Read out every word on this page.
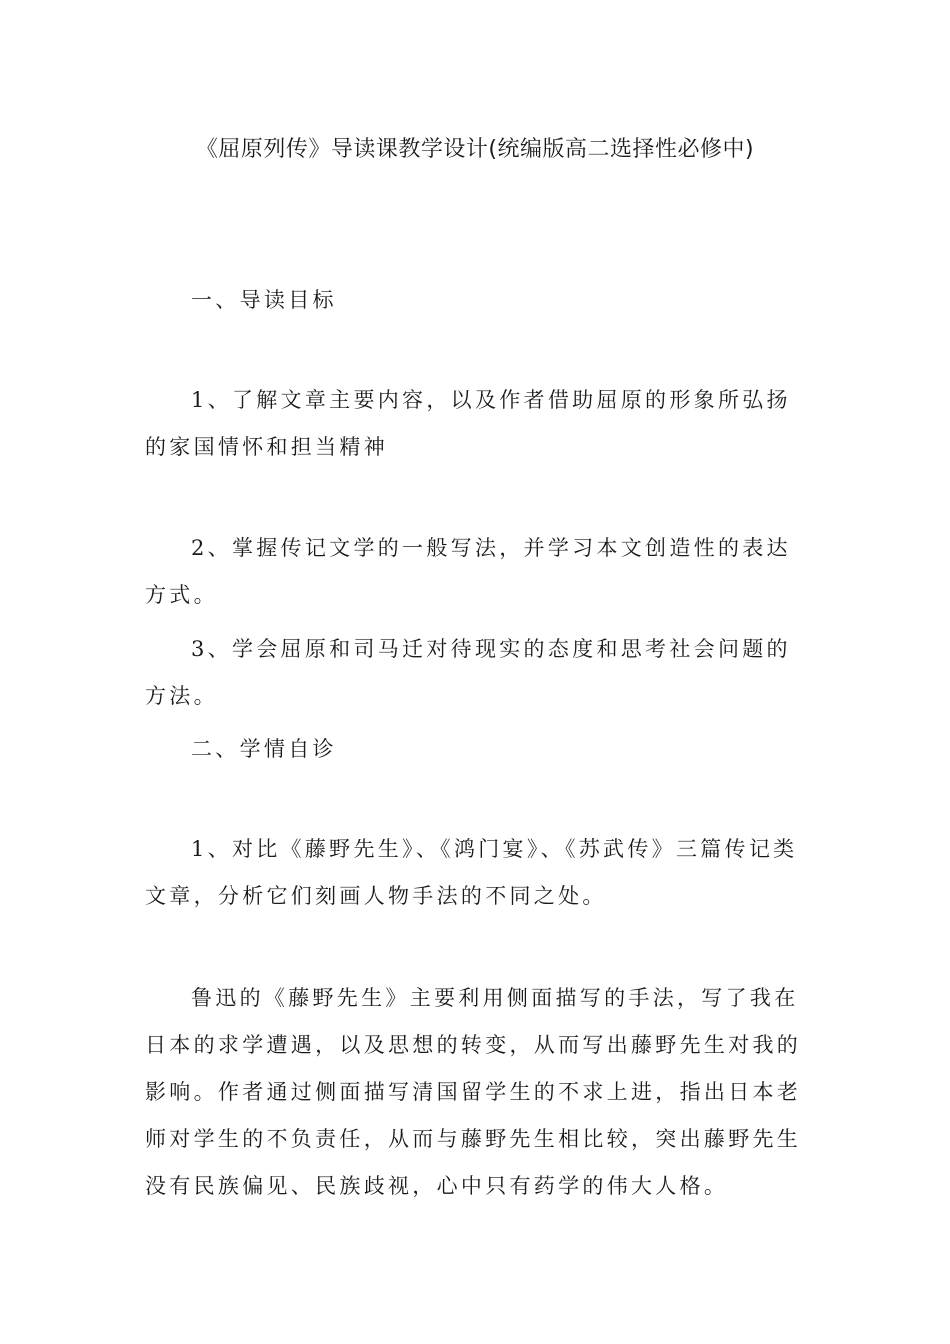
《屈原列传》导读课教学设计(统编版高二选择性必修中)

一、导读目标

1、了解文章主要内容，以及作者借助屈原的形象所弘扬的家国情怀和担当精神

2、掌握传记文学的一般写法，并学习本文创造性的表达方式。

3、学会屈原和司马迁对待现实的态度和思考社会问题的方法。

二、学情自诊

1、对比《藤野先生》、《鸿门宴》、《苏武传》三篇传记类文章，分析它们刻画人物手法的不同之处。

鲁迅的《藤野先生》主要利用侧面描写的手法，写了我在日本的求学遭遇，以及思想的转变，从而写出藤野先生对我的影响。作者通过侧面描写清国留学生的不求上进，指出日本老师对学生的不负责任，从而与藤野先生相比较，突出藤野先生没有民族偏见、民族歧视，心中只有药学的伟大人格。
